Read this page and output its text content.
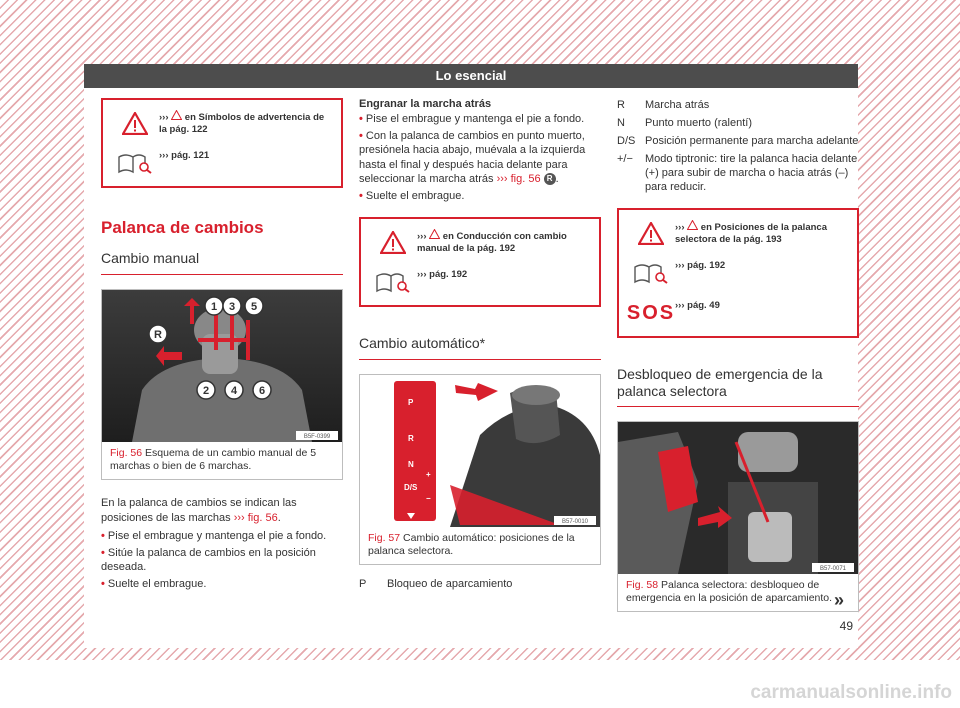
Lo esencial
››› en Símbolos de advertencia de la pág. 122
››› pág. 121
Palanca de cambios
Cambio manual
1 3 5
R
2 4 6
B5F-0399
Fig. 56 Esquema de un cambio manual de 5 marchas o bien de 6 marchas.
En la palanca de cambios se indican las posiciones de las marchas ››› fig. 56.
• Pise el embrague y mantenga el pie a fondo.
• Sitúe la palanca de cambios en la posición deseada.
• Suelte el embrague.
Engranar la marcha atrás
• Pise el embrague y mantenga el pie a fondo.
• Con la palanca de cambios en punto muerto, presiónela hacia abajo, muévala a la izquierda hasta el final y después hacia delante para seleccionar la marcha atrás ››› fig. 56 R .
• Suelte el embrague.
››› en Conducción con cambio manual de la pág. 192
››› pág. 192
Cambio automático*
P
R
N
D/S
+
−
B57-0010
Fig. 57 Cambio automático: posiciones de la palanca selectora.
P	Bloqueo de aparcamiento
R	Marcha atrás
N	Punto muerto (ralentí)
D/S Posición permanente para marcha adelante
+/−	Modo tiptronic: tire la palanca hacia delante (+) para subir de marcha o hacia atrás (–) para reducir.
››› en Posiciones de la palanca selectora de la pág. 193
››› pág. 192
SOS ››› pág. 49
Desbloqueo de emergencia de la palanca selectora
B57-0071
Fig. 58 Palanca selectora: desbloqueo de emergencia en la posición de aparcamiento. »
49
carmanualsonline.info
